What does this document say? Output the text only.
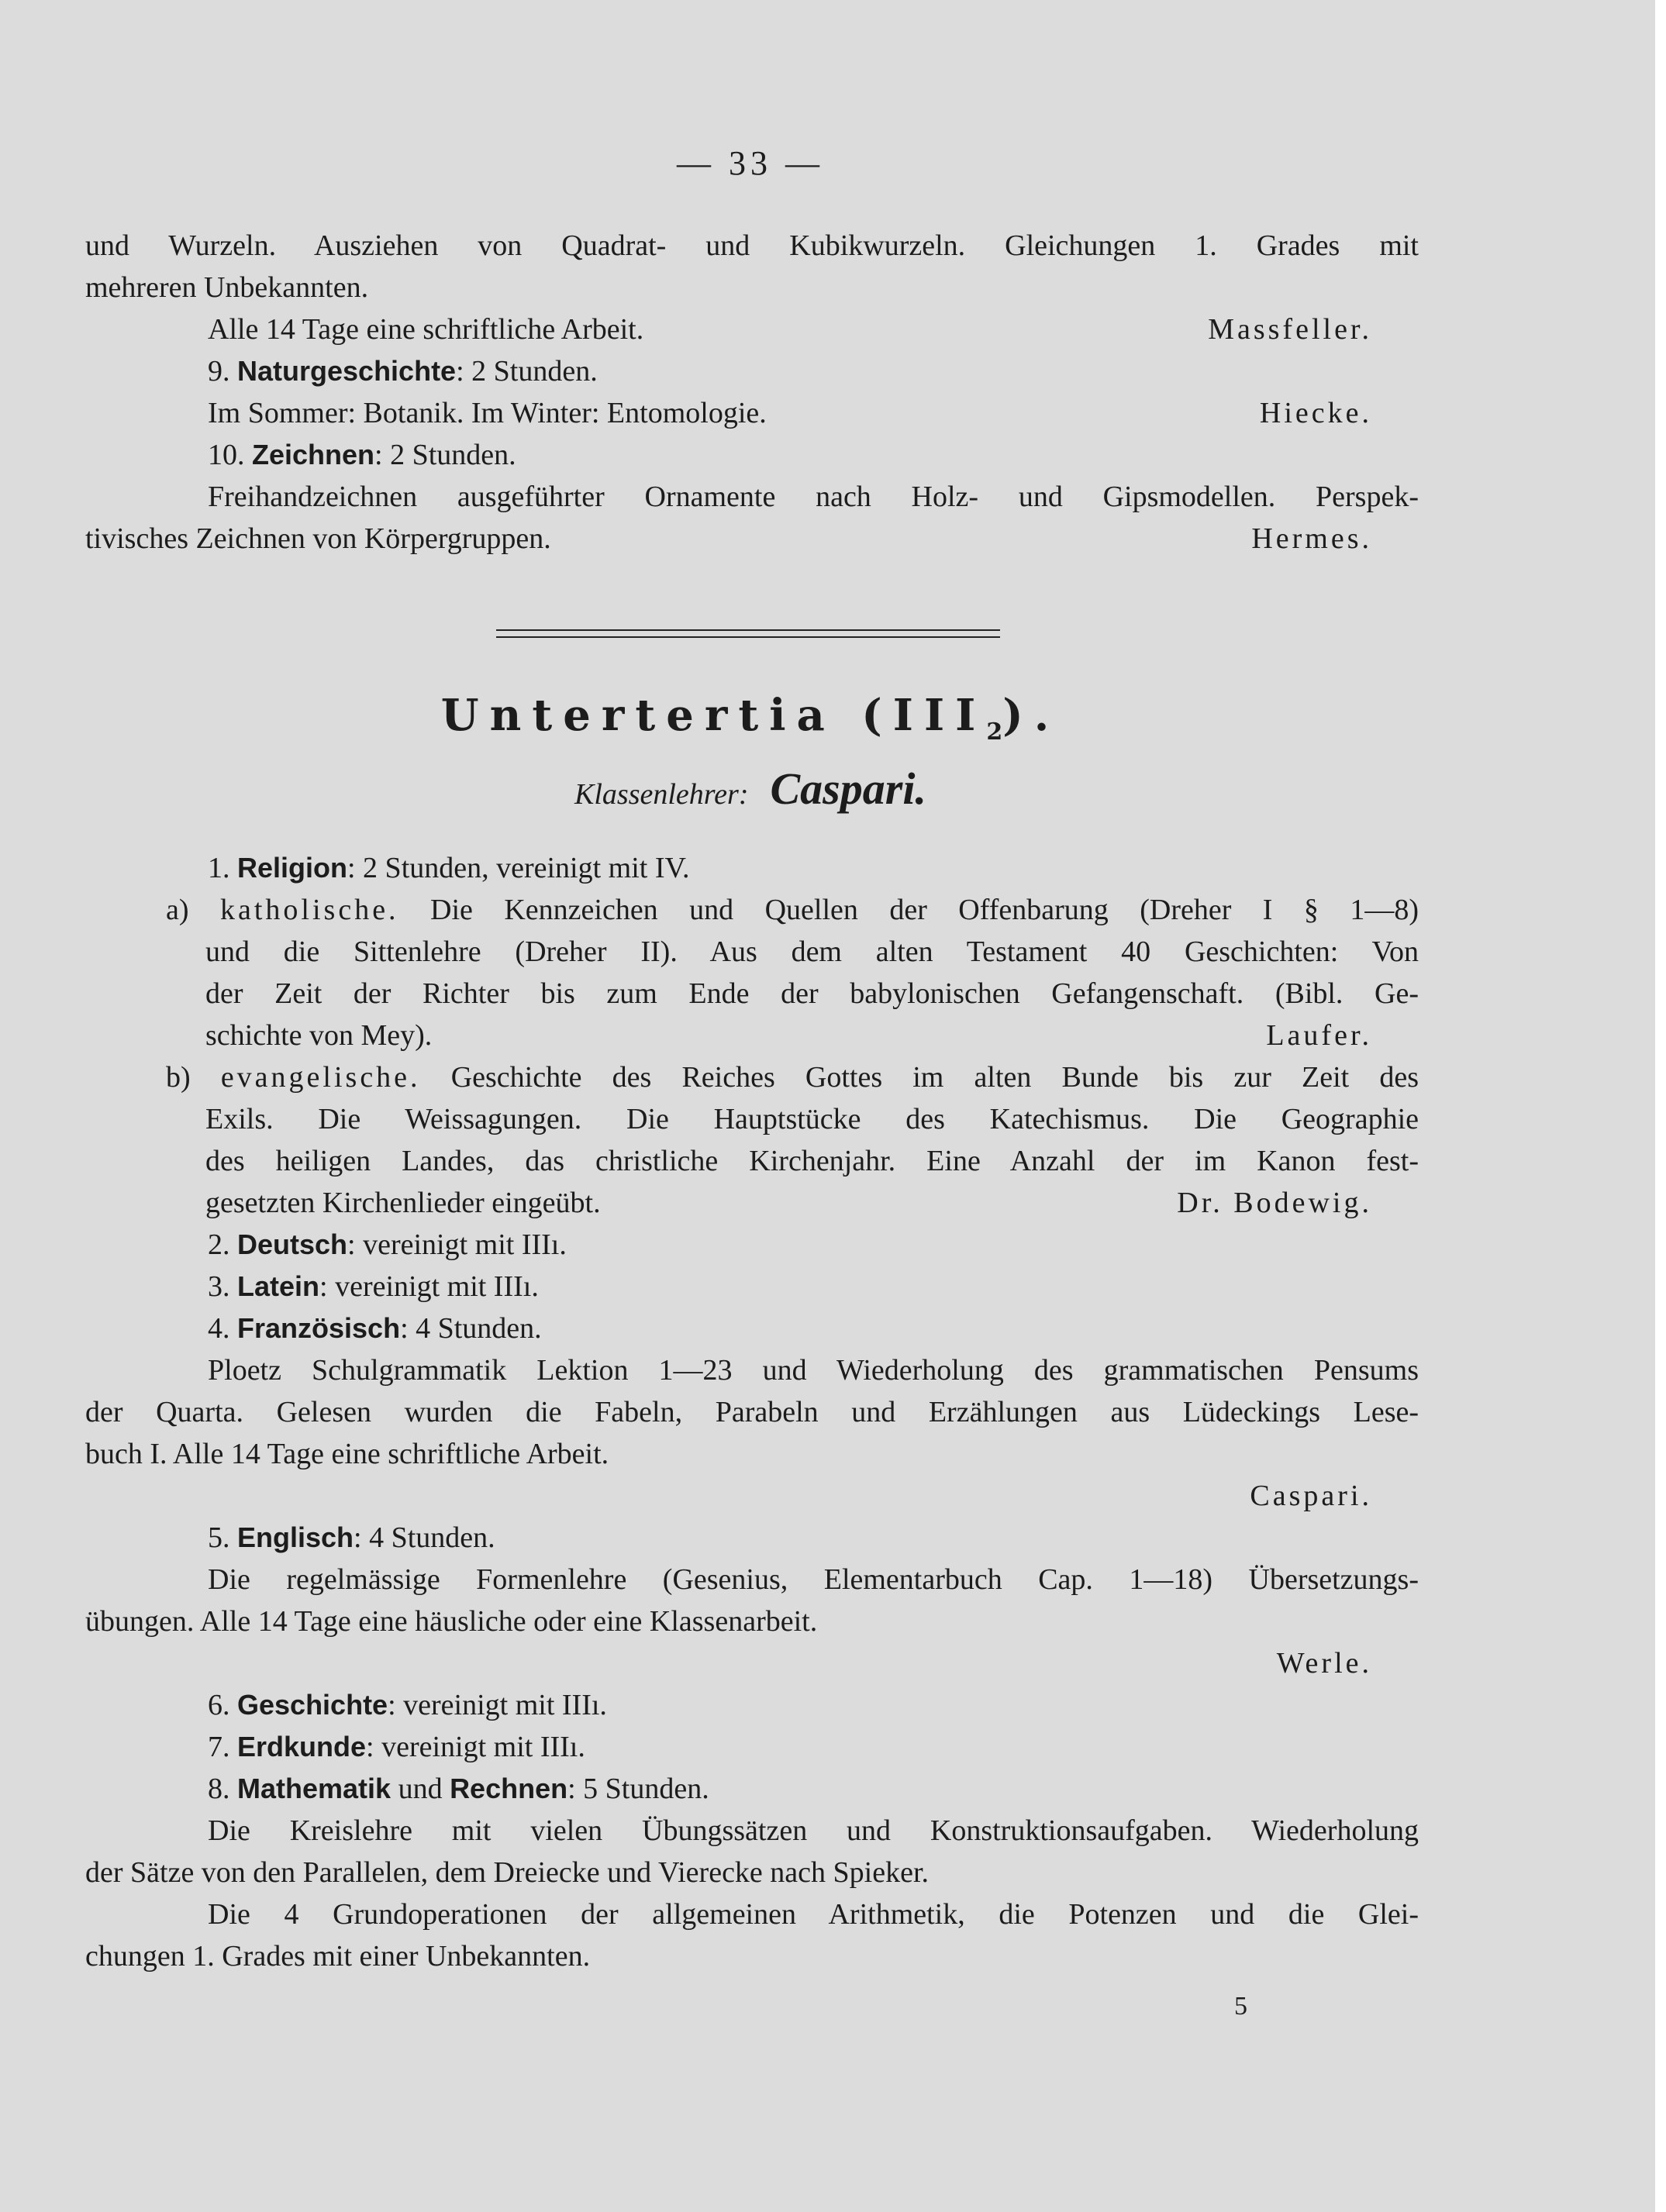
— 33 —
und Wurzeln. Ausziehen von Quadrat- und Kubikwurzeln. Gleichungen 1. Grades mit
mehreren Unbekannten.
Alle 14 Tage eine schriftliche Arbeit.	Massfeller.
9. Naturgeschichte: 2 Stunden.
Im Sommer: Botanik. Im Winter: Entomologie.	Hiecke.
10. Zeichnen: 2 Stunden.
Freihandzeichnen ausgeführter Ornamente nach Holz- und Gipsmodellen. Perspek-
tivisches Zeichnen von Körpergruppen.	Hermes.
Untertertia $(III_2)$.
Klassenlehrer: Caspari.
1. Religion: 2 Stunden, vereinigt mit IV.
a) katholische. Die Kennzeichen und Quellen der Offenbarung (Dreher I § 1—8)
und die Sittenlehre (Dreher II). Aus dem alten Testament 40 Geschichten: Von
der Zeit der Richter bis zum Ende der babylonischen Gefangenschaft. (Bibl. Ge-
schichte von Mey).	Laufer.
b) evangelische. Geschichte des Reiches Gottes im alten Bunde bis zur Zeit des
Exils. Die Weissagungen. Die Hauptstücke des Katechismus. Die Geographie
des heiligen Landes, das christliche Kirchenjahr. Eine Anzahl der im Kanon fest-
gesetzten Kirchenlieder eingeübt.	Dr. Bodewig.
2. Deutsch: vereinigt mit IIIı.
3. Latein: vereinigt mit IIIı.
4. Französisch: 4 Stunden.
Ploetz Schulgrammatik Lektion 1—23 und Wiederholung des grammatischen Pensums
der Quarta. Gelesen wurden die Fabeln, Parabeln und Erzählungen aus Lüdeckings Lese-
buch I. Alle 14 Tage eine schriftliche Arbeit.
Caspari.
5. Englisch: 4 Stunden.
Die regelmässige Formenlehre (Gesenius, Elementarbuch Cap. 1—18) Übersetzungs-
übungen. Alle 14 Tage eine häusliche oder eine Klassenarbeit.
Werle.
6. Geschichte: vereinigt mit IIIı.
7. Erdkunde: vereinigt mit IIIı.
8. Mathematik und Rechnen: 5 Stunden.
Die Kreislehre mit vielen Übungssätzen und Konstruktionsaufgaben. Wiederholung
der Sätze von den Parallelen, dem Dreiecke und Vierecke nach Spieker.
Die 4 Grundoperationen der allgemeinen Arithmetik, die Potenzen und die Glei-
chungen 1. Grades mit einer Unbekannten.
5
